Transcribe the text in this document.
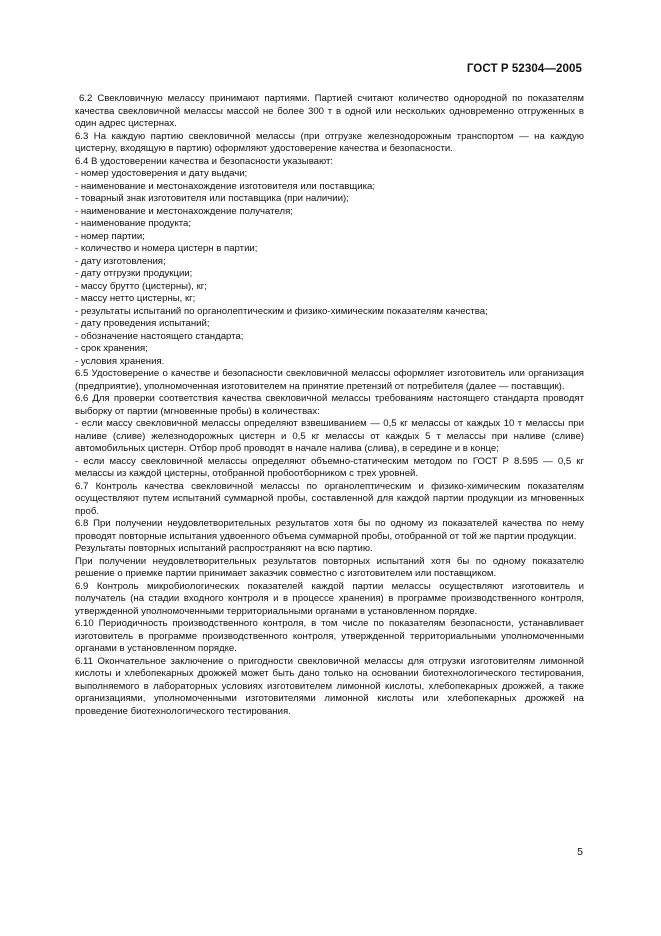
ГОСТ Р 52304—2005

6.2 Свекловичную мелассу принимают партиями. Партией считают количество однородной по показателям качества свекловичной мелассы массой не более 300 т в одной или нескольких одновременно отгруженных в один адрес цистернах.

6.3 На каждую партию свекловичной мелассы (при отгрузке железнодорожным транспортом — на каждую цистерну, входящую в партию) оформляют удостоверение качества и безопасности.

6.4 В удостоверении качества и безопасности указывают:

- номер удостоверения и дату выдачи;

- наименование и местонахождение изготовителя или поставщика;

- товарный знак изготовителя или поставщика (при наличии);

- наименование и местонахождение получателя;

- наименование продукта;

- номер партии;

- количество и номера цистерн в партии;

- дату изготовления;

- дату отгрузки продукции;

- массу брутто (цистерны), кг;

- массу нетто цистерны, кг;

- результаты испытаний по органолептическим и физико-химическим показателям качества;

- дату проведения испытаний;

- обозначение настоящего стандарта;

- срок хранения;

- условия хранения.

6.5 Удостоверение о качестве и безопасности свекловичной мелассы оформляет изготовитель или организация (предприятие), уполномоченная изготовителем на принятие претензий от потребителя (далее — поставщик).

6.6 Для проверки соответствия качества свекловичной мелассы требованиям настоящего стандарта проводят выборку от партии (мгновенные пробы) в количествах:

- если массу свекловичной мелассы определяют взвешиванием — 0,5 кг мелассы от каждых 10 т мелассы при наливе (сливе) железнодорожных цистерн и 0,5 кг мелассы от каждых 5 т мелассы при наливе (сливе) автомобильных цистерн. Отбор проб проводят в начале налива (слива), в середине и в конце;

- если массу свекловичной мелассы определяют объемно-статическим методом по ГОСТ Р 8.595 — 0,5 кг мелассы из каждой цистерны, отобранной пробоотборником с трех уровней.

6.7 Контроль качества свекловичной мелассы по органолептическим и физико-химическим показателям осуществляют путем испытаний суммарной пробы, составленной для каждой партии продукции из мгновенных проб.

6.8 При получении неудовлетворительных результатов хотя бы по одному из показателей качества по нему проводят повторные испытания удвоенного объема суммарной пробы, отобранной от той же партии продукции.

Результаты повторных испытаний распространяют на всю партию.

При получении неудовлетворительных результатов повторных испытаний хотя бы по одному показателю решение о приемке партии принимает заказчик совместно с изготовителем или поставщиком.

6.9 Контроль микробиологических показателей каждой партии мелассы осуществляют изготовитель и получатель (на стадии входного контроля и в процессе хранения) в программе производственного контроля, утвержденной уполномоченными территориальными органами в установленном порядке.

6.10 Периодичность производственного контроля, в том числе по показателям безопасности, устанавливает изготовитель в программе производственного контроля, утвержденной территориальными уполномоченными органами в установленном порядке.

6.11 Окончательное заключение о пригодности свекловичной мелассы для отгрузки изготовителям лимонной кислоты и хлебопекарных дрожжей может быть дано только на основании биотехнологического тестирования, выполняемого в лабораторных условиях изготовителем лимонной кислоты, хлебопекарных дрожжей, а также организациями, уполномоченными изготовителями лимонной кислоты или хлебопекарных дрожжей на проведение биотехнологического тестирования.

5
